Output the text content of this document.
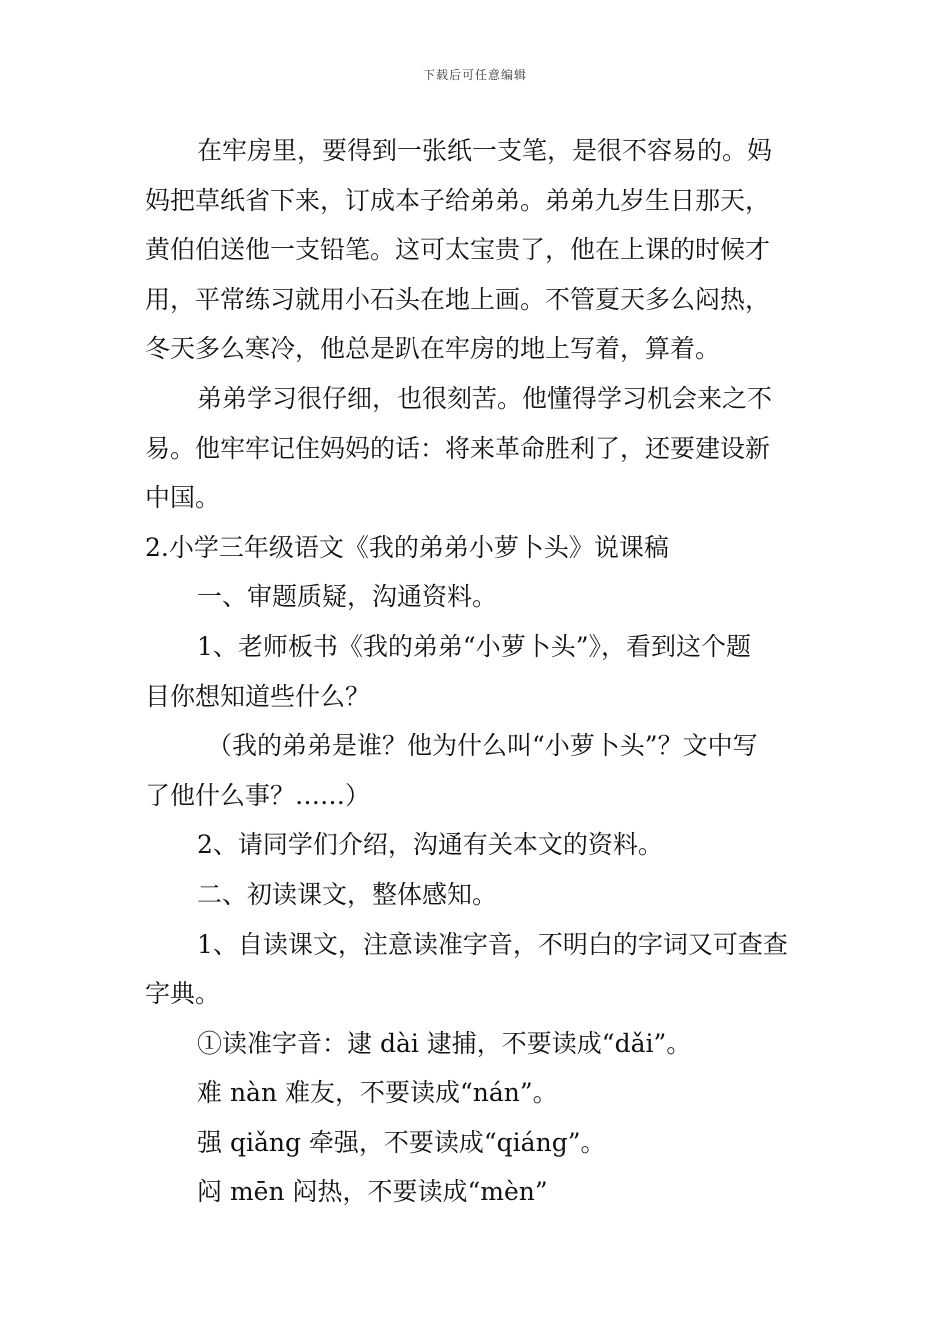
下载后可任意编辑
在牢房里，要得到一张纸一支笔，是很不容易的。妈
妈把草纸省下来，订成本子给弟弟。弟弟九岁生日那天，
黄伯伯送他一支铅笔。这可太宝贵了，他在上课的时候才
用，平常练习就用小石头在地上画。不管夏天多么闷热，
冬天多么寒冷，他总是趴在牢房的地上写着，算着。
弟弟学习很仔细，也很刻苦。他懂得学习机会来之不
易。他牢牢记住妈妈的话：将来革命胜利了，还要建设新
中国。
2.小学三年级语文《我的弟弟小萝卜头》说课稿
一、审题质疑，沟通资料。
1、老师板书《我的弟弟“小萝卜头”》，看到这个题
目你想知道些什么？
（我的弟弟是谁？他为什么叫“小萝卜头”？文中写
了他什么事？……）
2、请同学们介绍，沟通有关本文的资料。
二、初读课文，整体感知。
1、自读课文，注意读准字音，不明白的字词又可查查
字典。
①读准字音：逮 dài 逮捕，不要读成“dǎi”。
难 nàn 难友，不要读成“nán”。
强 qiǎng 牵强，不要读成“qiáng”。
闷 mēn 闷热，不要读成“mèn”
